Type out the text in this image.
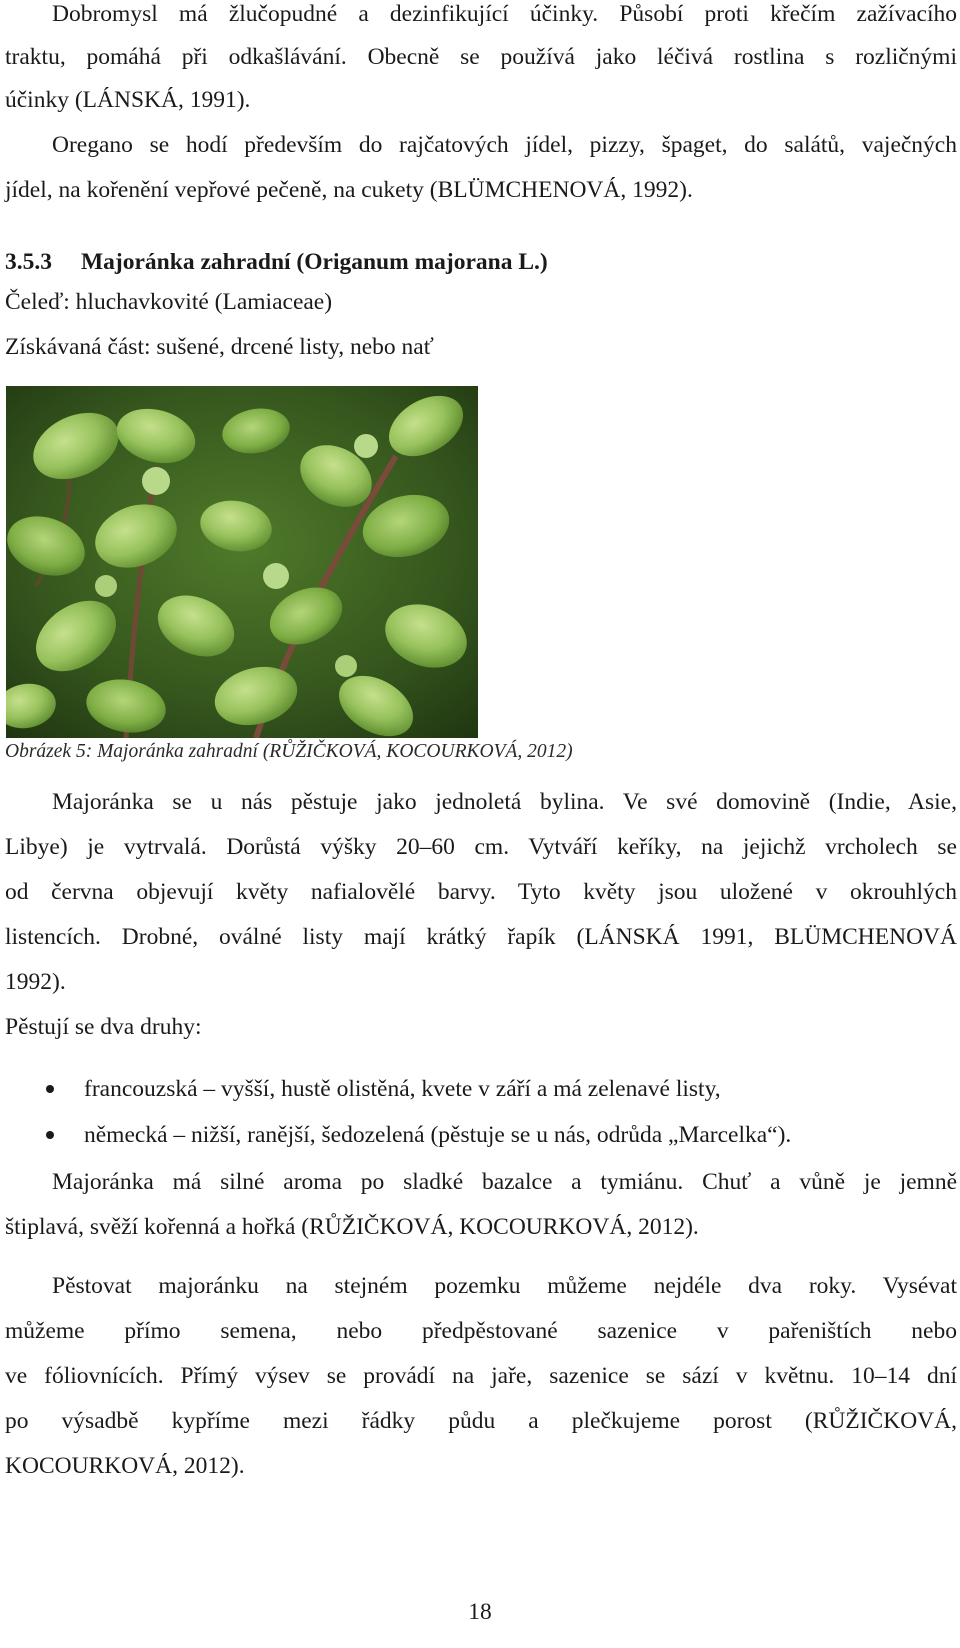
Dobromysl má žlučopudné a dezinfikující účinky. Působí proti křečím zažívacího
traktu, pomáhá při odkašlávání. Obecně se používá jako léčivá rostlina s rozličnými
účinky (LÁNSKÁ, 1991).
Oregano se hodí především do rajčatových jídel, pizzy, špaget, do salátů, vaječných
jídel, na kořenění vepřové pečeně, na cukety (BLÜMCHENOVÁ, 1992).
3.5.3 Majoránka zahradní (Origanum majorana L.)
Čeleď: hluchavkovité (Lamiaceae)
Získávaná část: sušené, drcené listy, nebo nať
Obrázek 5: Majoránka zahradní (RŮŽIČKOVÁ, KOCOURKOVÁ, 2012)
Majoránka se u nás pěstuje jako jednoletá bylina. Ve své domovině (Indie, Asie,
Libye) je vytrvalá. Dorůstá výšky 20–60 cm. Vytváří keříky, na jejichž vrcholech se
od června objevují květy nafialovělé barvy. Tyto květy jsou uložené v okrouhlých
listencích. Drobné, oválné listy mají krátký řapík (LÁNSKÁ 1991, BLÜMCHENOVÁ
1992).
Pěstují se dva druhy:
francouzská – vyšší, hustě olistěná, kvete v září a má zelenavé listy,
německá – nižší, ranější, šedozelená (pěstuje se u nás, odrůda „Marcelka“).
Majoránka má silné aroma po sladké bazalce a tymiánu. Chuť a vůně je jemně
štiplavá, svěží kořenná a hořká (RŮŽIČKOVÁ, KOCOURKOVÁ, 2012).
Pěstovat majoránku na stejném pozemku můžeme nejdéle dva roky. Vysévat
můžeme přímo semena, nebo předpěstované sazenice v pařeništích nebo
ve fóliovnících. Přímý výsev se provádí na jaře, sazenice se sází v květnu. 10–14 dní
po výsadbě kypříme mezi řádky půdu a plečkujeme porost (RŮŽIČKOVÁ,
KOCOURKOVÁ, 2012).
18
